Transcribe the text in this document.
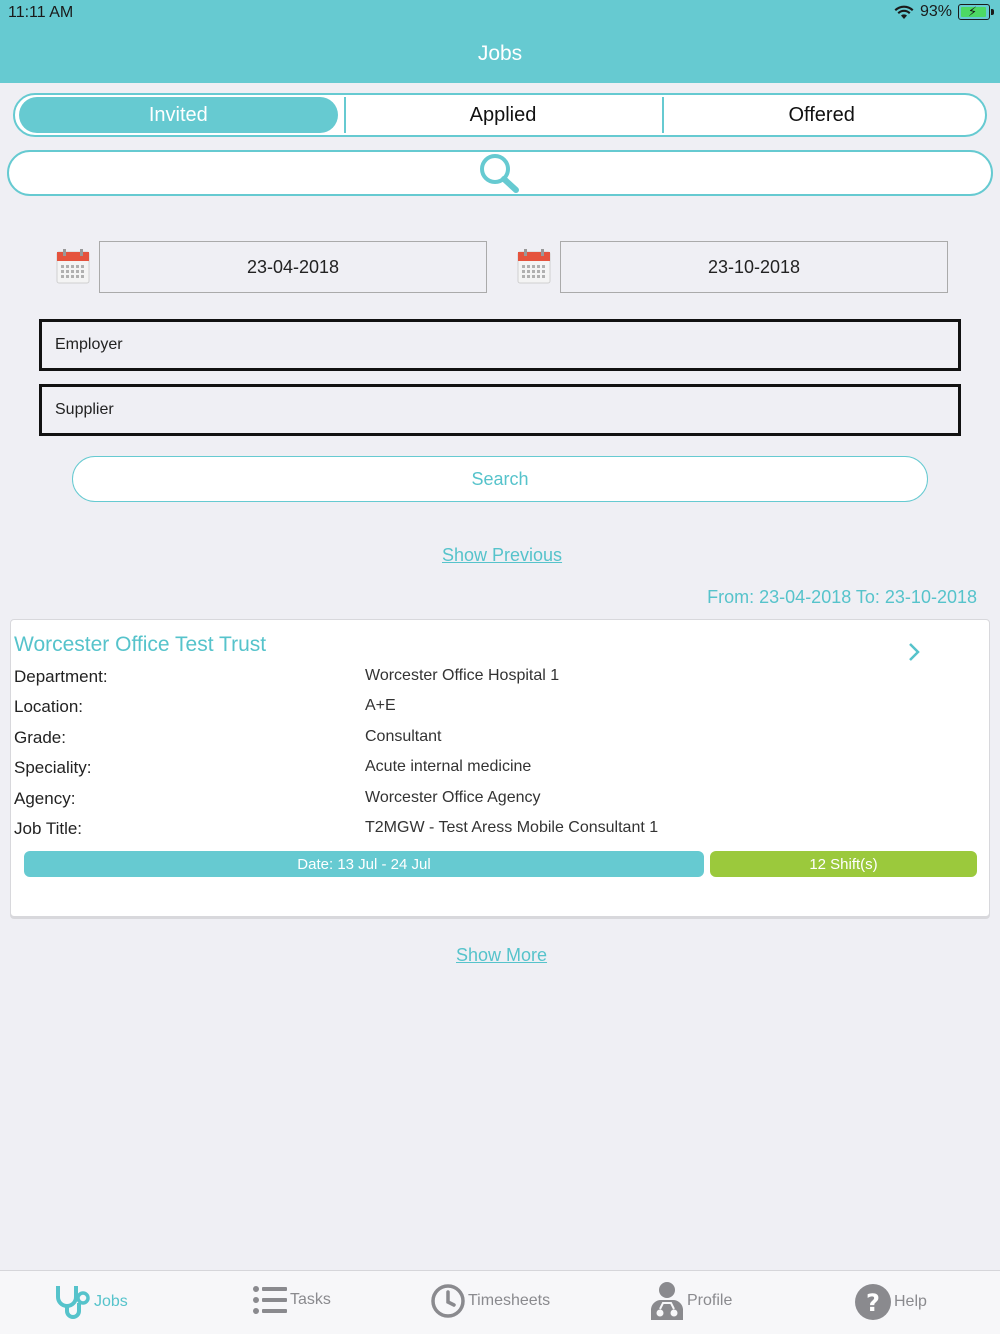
11:11 AM	93% ⚡
Jobs
Invited	Applied	Offered
23-04-2018	23-10-2018
Employer
Supplier
Search
Show Previous
From: 23-04-2018 To: 23-10-2018
Worcester Office Test Trust
Department:	Worcester Office Hospital 1
Location:	A+E
Grade:	Consultant
Speciality:	Acute internal medicine
Agency:	Worcester Office Agency
Job Title:	T2MGW - Test Aress Mobile Consultant 1
Date: 13 Jul - 24 Jul	12 Shift(s)
Show More
Jobs	Tasks	Timesheets	Profile	? Help
